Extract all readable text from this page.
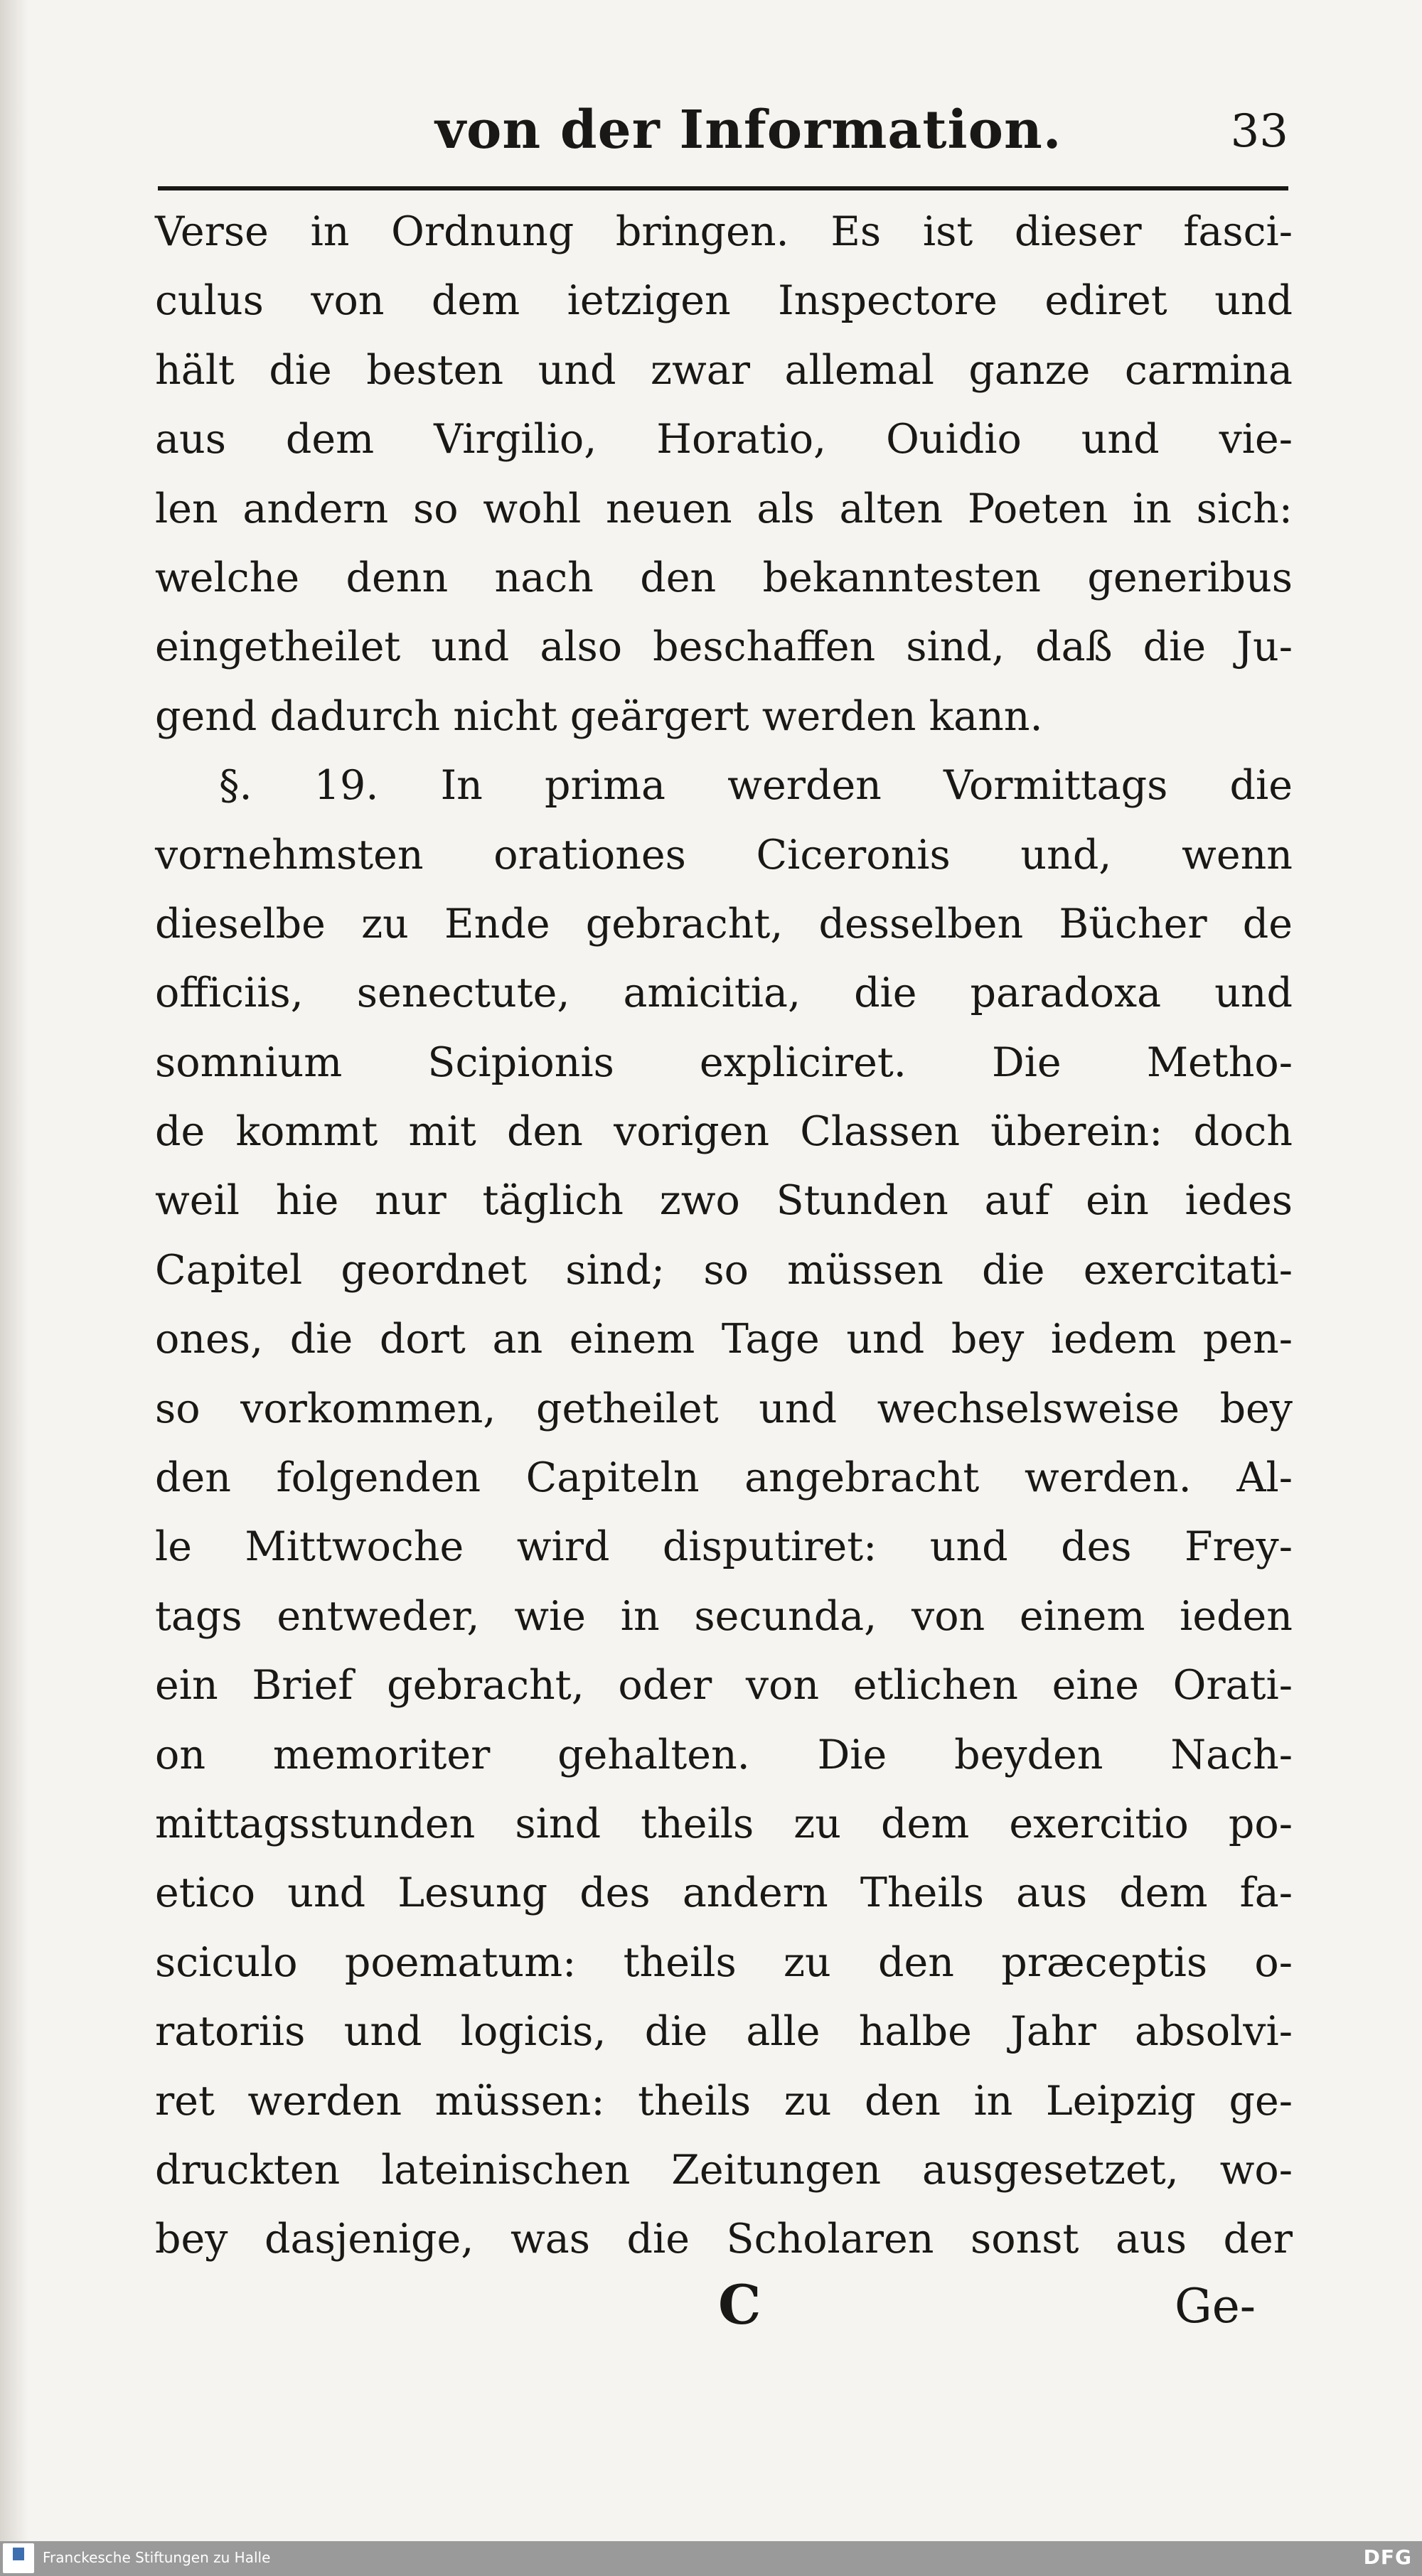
von der Information.	33
Verse in Ordnung bringen. Es ist dieser fasci-
culus von dem ietzigen Inspectore ediret und
hält die besten und zwar allemal ganze carmina
aus dem Virgilio, Horatio, Ouidio und vie-
len andern so wohl neuen als alten Poeten in sich:
welche denn nach den bekanntesten generibus
eingetheilet und also beschaffen sind, daß die Ju-
gend dadurch nicht geärgert werden kann.
§. 19. In prima werden Vormittags die
vornehmsten orationes Ciceronis und, wenn
dieselbe zu Ende gebracht, desselben Bücher de
officiis, senectute, amicitia, die paradoxa und
somnium Scipionis expliciret. Die Metho-
de kommt mit den vorigen Classen überein: doch
weil hie nur täglich zwo Stunden auf ein iedes
Capitel geordnet sind; so müssen die exercitati-
ones, die dort an einem Tage und bey iedem pen-
so vorkommen, getheilet und wechselsweise bey
den folgenden Capiteln angebracht werden. Al-
le Mittwoche wird disputiret: und des Frey-
tags entweder, wie in secunda, von einem ieden
ein Brief gebracht, oder von etlichen eine Orati-
on memoriter gehalten. Die beyden Nach-
mittagsstunden sind theils zu dem exercitio po-
etico und Lesung des andern Theils aus dem fa-
sciculo poematum: theils zu den præceptis o-
ratoriis und logicis, die alle halbe Jahr absolvi-
ret werden müssen: theils zu den in Leipzig ge-
druckten lateinischen Zeitungen ausgesetzet, wo-
bey dasjenige, was die Scholaren sonst aus der
C	Ge-
Franckesche Stiftungen zu Halle	DFG
